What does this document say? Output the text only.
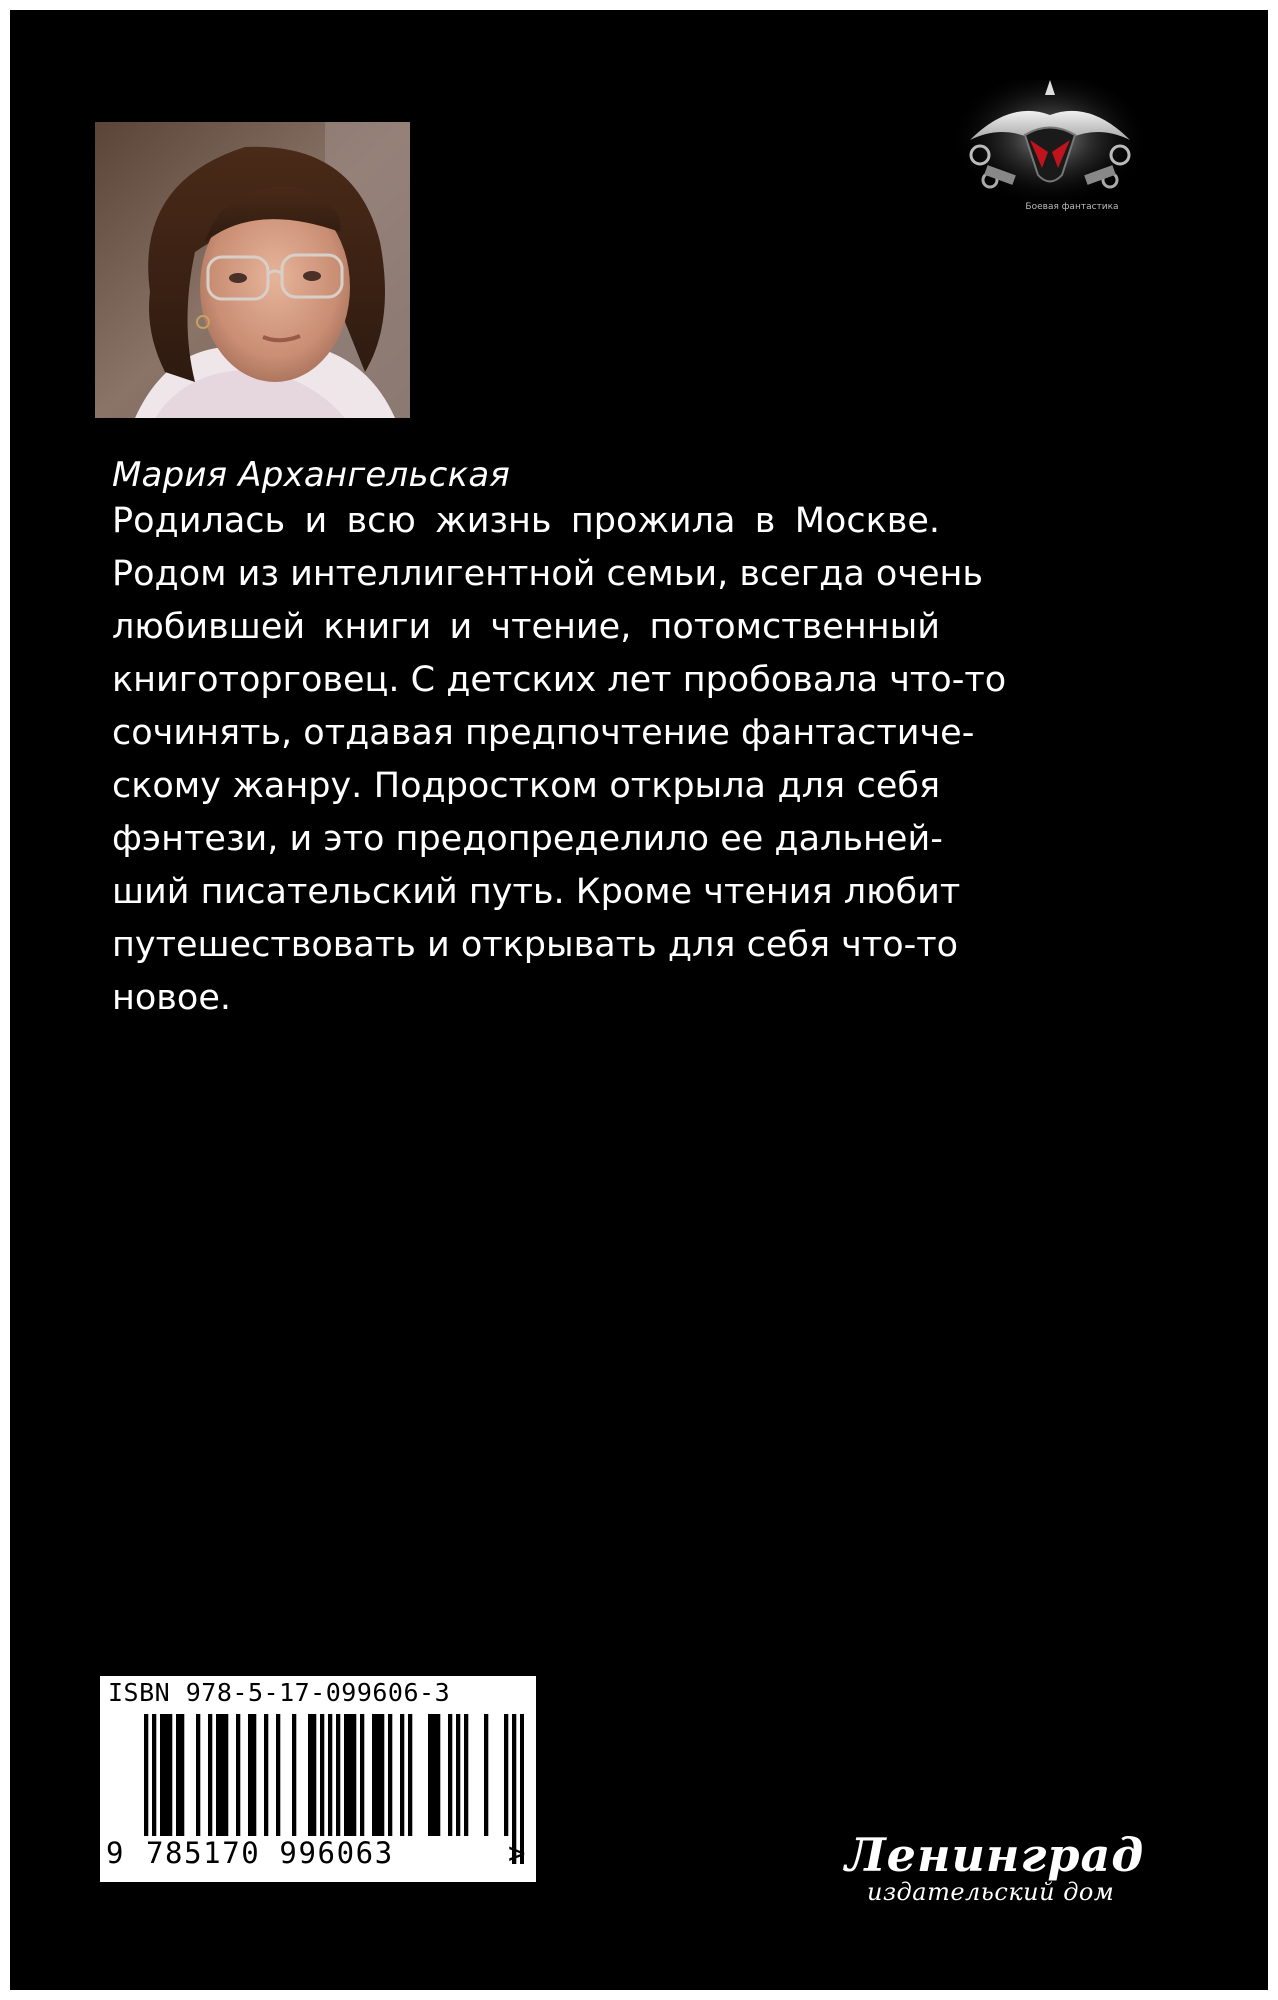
Боевая фантастика
Мария Архангельская
Родилась и всю жизнь прожила в Москве.
Родом из интеллигентной семьи, всегда очень
любившей книги и чтение, потомственный
книготорговец. С детских лет пробовала что-то
сочинять, отдавая предпочтение фантастиче-
скому жанру. Подростком открыла для себя
фэнтези, и это предопределило ее дальней-
ший писательский путь. Кроме чтения любит
путешествовать и открывать для себя что-то
новое.
ISBN 978-5-17-099606-3
9 785170 996063	>	Ленинград
издательский дом
